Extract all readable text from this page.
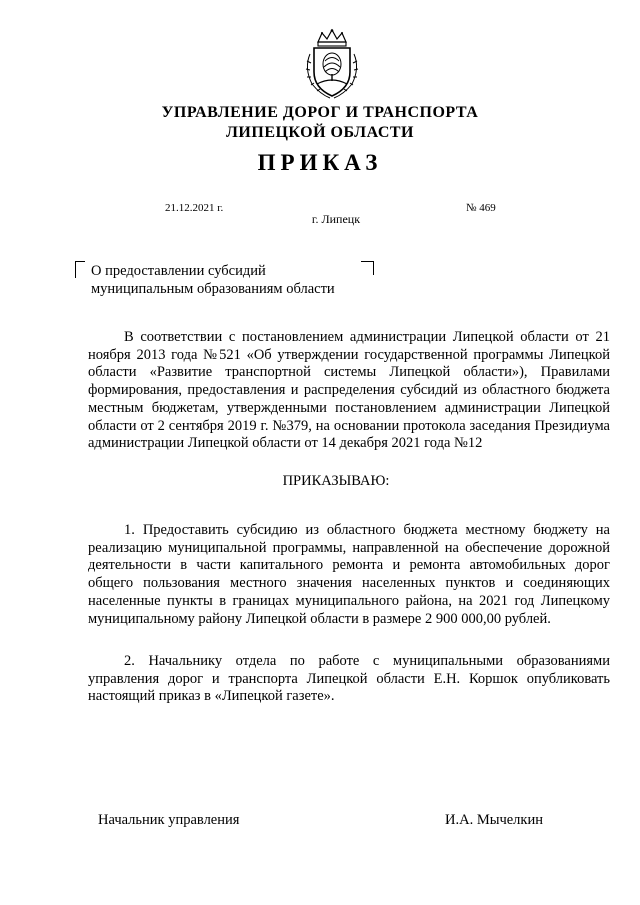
УПРАВЛЕНИЕ ДОРОГ И ТРАНСПОРТА
ЛИПЕЦКОЙ ОБЛАСТИ
ПРИКАЗ
21.12.2021 г.	№ 469
г. Липецк
О предоставлении субсидий
муниципальным образованиям области
В соответствии с постановлением администрации Липецкой области от 21 ноября 2013 года №521 «Об утверждении государственной программы Липецкой области «Развитие транспортной системы Липецкой области»), Правилами формирования, предоставления и распределения субсидий из областного бюджета местным бюджетам, утвержденными постановлением администрации Липецкой области от 2 сентября 2019 г. №379, на основании протокола заседания Президиума администрации Липецкой области от 14 декабря 2021 года №12
ПРИКАЗЫВАЮ:
1. Предоставить субсидию из областного бюджета местному бюджету на реализацию муниципальной программы, направленной на обеспечение дорожной деятельности в части капитального ремонта и ремонта автомобильных дорог общего пользования местного значения населенных пунктов и соединяющих населенные пункты в границах муниципального района, на 2021 год Липецкому муниципальному району Липецкой области в размере 2 900 000,00 рублей.
2. Начальнику отдела по работе с муниципальными образованиями управления дорог и транспорта Липецкой области Е.Н. Коршок опубликовать настоящий приказ в «Липецкой газете».
Начальник управления	И.А. Мычелкин
